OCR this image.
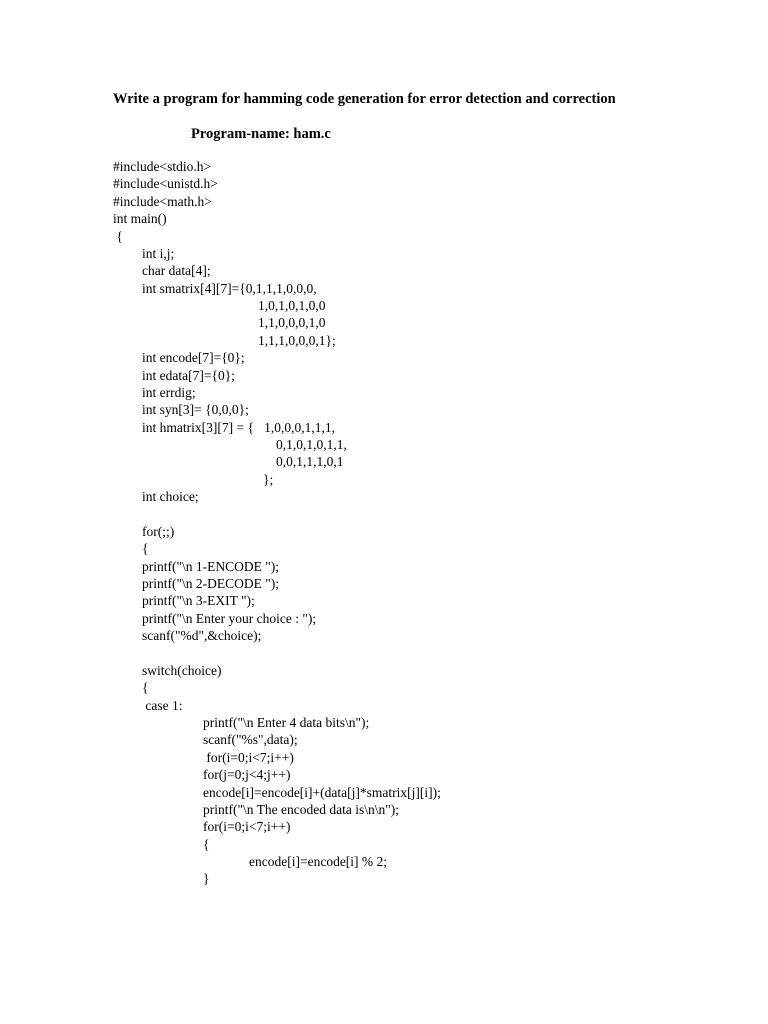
Write a program for hamming code generation for error detection and correction
Program-name: ham.c
#include<stdio.h>
#include<unistd.h>
#include<math.h>
int main()
{
int i,j;
char data[4];
int smatrix[4][7]={0,1,1,1,0,0,0,
1,0,1,0,1,0,0
1,1,0,0,0,1,0
1,1,1,0,0,0,1};
int encode[7]={0};
int edata[7]={0};
int errdig;
int syn[3]= {0,0,0};
int hmatrix[3][7] = {   1,0,0,0,1,1,1,
0,1,0,1,0,1,1,
0,0,1,1,1,0,1
};
int choice;
for(;;)
{
printf("\n 1-ENCODE ");
printf("\n 2-DECODE ");
printf("\n 3-EXIT ");
printf("\n Enter your choice : ");
scanf("%d",&choice);
switch(choice)
{
case 1:
printf("\n Enter 4 data bits\n");
scanf("%s",data);
for(i=0;i<7;i++)
for(j=0;j<4;j++)
encode[i]=encode[i]+(data[j]*smatrix[j][i]);
printf("\n The encoded data is\n\n");
for(i=0;i<7;i++)
{
encode[i]=encode[i] % 2;
}
